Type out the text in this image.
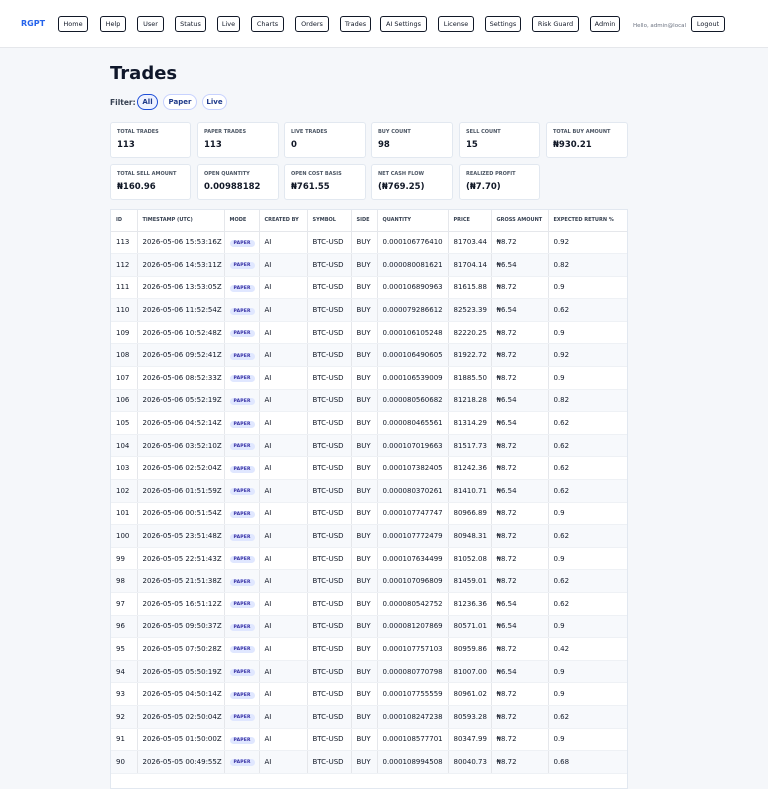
RGPT	Home	Help	User	Status	Live	Charts	Orders	Trades	AI Settings	License	Settings	Risk Guard	Admin	Hello, admin@local	Logout
Trades
Filter: All	Paper	Live
TOTAL TRADES
113
PAPER TRADES
113
LIVE TRADES
0
BUY COUNT
98
SELL COUNT
15
TOTAL BUY AMOUNT
₦930.21
TOTAL SELL AMOUNT
₦160.96
OPEN QUANTITY
0.00988182
OPEN COST BASIS
₦761.55
NET CASH FLOW
(₦769.25)
REALIZED PROFIT
(₦7.70)
ID	TIMESTAMP (UTC)	MODE	CREATED BY	SYMBOL	SIDE	QUANTITY	PRICE	GROSS AMOUNT	EXPECTED RETURN %
113	2026-05-06 15:53:16Z	PAPER	AI	BTC-USD	BUY	0.000106776410	81703.44	₦8.72	0.92
112	2026-05-06 14:53:11Z	PAPER	AI	BTC-USD	BUY	0.000080081621	81704.14	₦6.54	0.82
111	2026-05-06 13:53:05Z	PAPER	AI	BTC-USD	BUY	0.000106890963	81615.88	₦8.72	0.9
110	2026-05-06 11:52:54Z	PAPER	AI	BTC-USD	BUY	0.000079286612	82523.39	₦6.54	0.62
109	2026-05-06 10:52:48Z	PAPER	AI	BTC-USD	BUY	0.000106105248	82220.25	₦8.72	0.9
108	2026-05-06 09:52:41Z	PAPER	AI	BTC-USD	BUY	0.000106490605	81922.72	₦8.72	0.92
107	2026-05-06 08:52:33Z	PAPER	AI	BTC-USD	BUY	0.000106539009	81885.50	₦8.72	0.9
106	2026-05-06 05:52:19Z	PAPER	AI	BTC-USD	BUY	0.000080560682	81218.28	₦6.54	0.82
105	2026-05-06 04:52:14Z	PAPER	AI	BTC-USD	BUY	0.000080465561	81314.29	₦6.54	0.62
104	2026-05-06 03:52:10Z	PAPER	AI	BTC-USD	BUY	0.000107019663	81517.73	₦8.72	0.62
103	2026-05-06 02:52:04Z	PAPER	AI	BTC-USD	BUY	0.000107382405	81242.36	₦8.72	0.62
102	2026-05-06 01:51:59Z	PAPER	AI	BTC-USD	BUY	0.000080370261	81410.71	₦6.54	0.62
101	2026-05-06 00:51:54Z	PAPER	AI	BTC-USD	BUY	0.000107747747	80966.89	₦8.72	0.9
100	2026-05-05 23:51:48Z	PAPER	AI	BTC-USD	BUY	0.000107772479	80948.31	₦8.72	0.62
99	2026-05-05 22:51:43Z	PAPER	AI	BTC-USD	BUY	0.000107634499	81052.08	₦8.72	0.9
98	2026-05-05 21:51:38Z	PAPER	AI	BTC-USD	BUY	0.000107096809	81459.01	₦8.72	0.62
97	2026-05-05 16:51:12Z	PAPER	AI	BTC-USD	BUY	0.000080542752	81236.36	₦6.54	0.62
96	2026-05-05 09:50:37Z	PAPER	AI	BTC-USD	BUY	0.000081207869	80571.01	₦6.54	0.9
95	2026-05-05 07:50:28Z	PAPER	AI	BTC-USD	BUY	0.000107757103	80959.86	₦8.72	0.42
94	2026-05-05 05:50:19Z	PAPER	AI	BTC-USD	BUY	0.000080770798	81007.00	₦6.54	0.9
93	2026-05-05 04:50:14Z	PAPER	AI	BTC-USD	BUY	0.000107755559	80961.02	₦8.72	0.9
92	2026-05-05 02:50:04Z	PAPER	AI	BTC-USD	BUY	0.000108247238	80593.28	₦8.72	0.62
91	2026-05-05 01:50:00Z	PAPER	AI	BTC-USD	BUY	0.000108577701	80347.99	₦8.72	0.9
90	2026-05-05 00:49:55Z	PAPER	AI	BTC-USD	BUY	0.000108994508	80040.73	₦8.72	0.68
